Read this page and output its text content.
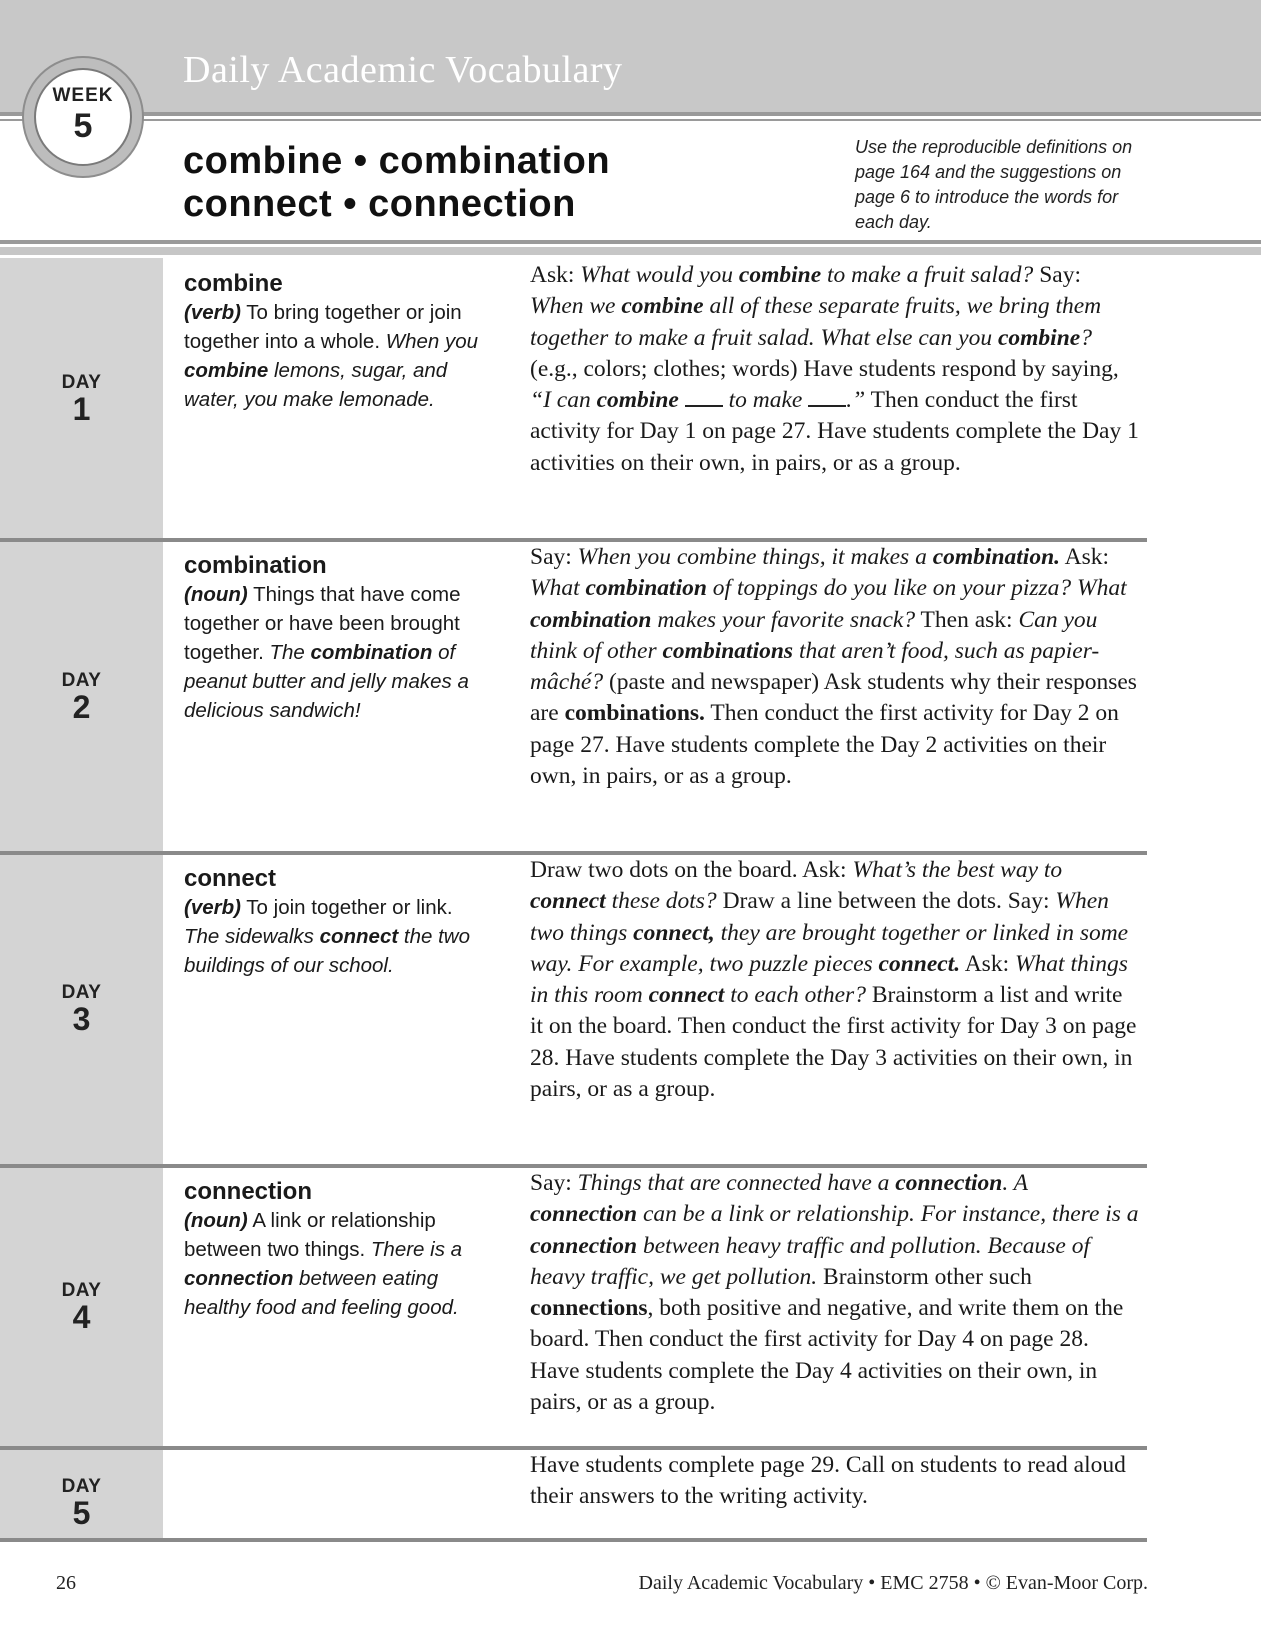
Daily Academic Vocabulary
WEEK
5
combine • combination
connect • connection
Use the reproducible definitions on page 164 and the suggestions on page 6 to introduce the words for each day.
DAY
1
combine
(verb) To bring together or join together into a whole. When you combine lemons, sugar, and water, you make lemonade.
Ask: What would you combine to make a fruit salad? Say: When we combine all of these separate fruits, we bring them together to make a fruit salad. What else can you combine? (e.g., colors; clothes; words) Have students respond by saying, “I can combine  to make .” Then conduct the first activity for Day 1 on page 27. Have students complete the Day 1 activities on their own, in pairs, or as a group.
DAY
2
combination
(noun) Things that have come together or have been brought together. The combination of peanut butter and jelly makes a delicious sandwich!
Say: When you combine things, it makes a combination. Ask: What combination of toppings do you like on your pizza? What combination makes your favorite snack? Then ask: Can you think of other combinations that aren’t food, such as papier-mâché? (paste and newspaper) Ask students why their responses are combinations. Then conduct the first activity for Day 2 on page 27. Have students complete the Day 2 activities on their own, in pairs, or as a group.
DAY
3
connect
(verb) To join together or link. The sidewalks connect the two buildings of our school.
Draw two dots on the board. Ask: What’s the best way to connect these dots? Draw a line between the dots. Say: When two things connect, they are brought together or linked in some way. For example, two puzzle pieces connect. Ask: What things in this room connect to each other? Brainstorm a list and write it on the board. Then conduct the first activity for Day 3 on page 28. Have students complete the Day 3 activities on their own, in pairs, or as a group.
DAY
4
connection
(noun) A link or relationship between two things. There is a connection between eating healthy food and feeling good.
Say: Things that are connected have a connection. A connection can be a link or relationship. For instance, there is a connection between heavy traffic and pollution. Because of heavy traffic, we get pollution. Brainstorm other such connections, both positive and negative, and write them on the board. Then conduct the first activity for Day 4 on page 28. Have students complete the Day 4 activities on their own, in pairs, or as a group.
DAY
5
Have students complete page 29. Call on students to read aloud their answers to the writing activity.
26	Daily Academic Vocabulary • EMC 2758 • © Evan-Moor Corp.
